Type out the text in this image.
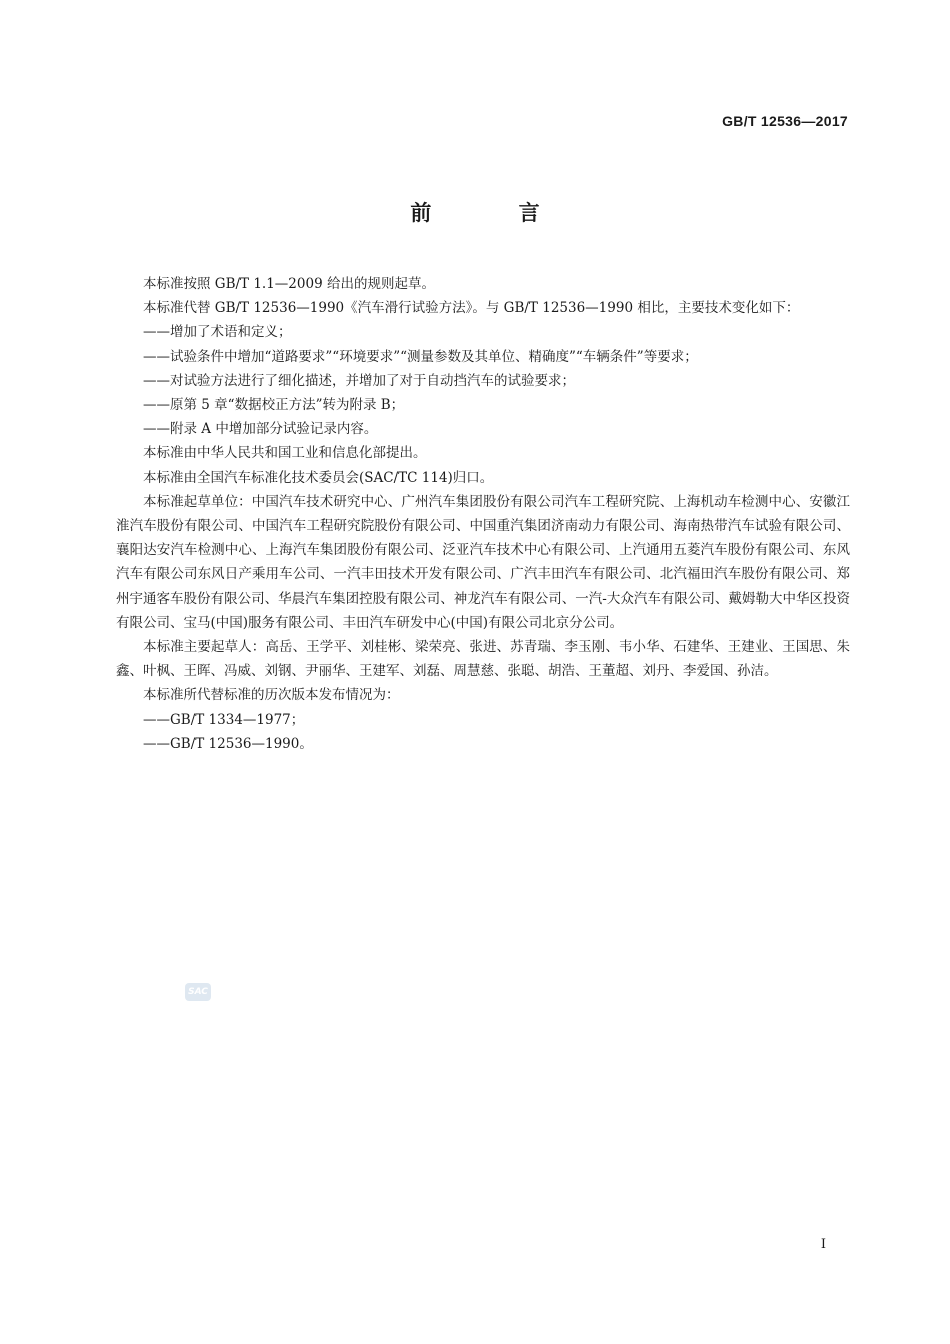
GB/T 12536—2017
前 言

本标准按照 GB/T 1.1—2009 给出的规则起草。

本标准代替 GB/T 12536—1990《汽车滑行试验方法》。与 GB/T 12536—1990 相比，主要技术变化如下：

——增加了术语和定义；

——试验条件中增加“道路要求”“环境要求”“测量参数及其单位、精确度”“车辆条件”等要求；

——对试验方法进行了细化描述，并增加了对于自动挡汽车的试验要求；

——原第 5 章“数据校正方法”转为附录 B；

——附录 A 中增加部分试验记录内容。

本标准由中华人民共和国工业和信息化部提出。

本标准由全国汽车标准化技术委员会(SAC/TC 114)归口。

本标准起草单位：中国汽车技术研究中心、广州汽车集团股份有限公司汽车工程研究院、上海机动车检测中心、安徽江淮汽车股份有限公司、中国汽车工程研究院股份有限公司、中国重汽集团济南动力有限公司、海南热带汽车试验有限公司、襄阳达安汽车检测中心、上海汽车集团股份有限公司、泛亚汽车技术中心有限公司、上汽通用五菱汽车股份有限公司、东风汽车有限公司东风日产乘用车公司、一汽丰田技术开发有限公司、广汽丰田汽车有限公司、北汽福田汽车股份有限公司、郑州宇通客车股份有限公司、华晨汽车集团控股有限公司、神龙汽车有限公司、一汽-大众汽车有限公司、戴姆勒大中华区投资有限公司、宝马(中国)服务有限公司、丰田汽车研发中心(中国)有限公司北京分公司。

本标准主要起草人：高岳、王学平、刘桂彬、梁荣亮、张进、苏青瑞、李玉刚、韦小华、石建华、王建业、王国思、朱鑫、叶枫、王晖、冯威、刘钢、尹丽华、王建军、刘磊、周慧慈、张聪、胡浩、王董超、刘丹、李爱国、孙洁。

本标准所代替标准的历次版本发布情况为：

——GB/T 1334—1977；

——GB/T 12536—1990。

SAC
I
